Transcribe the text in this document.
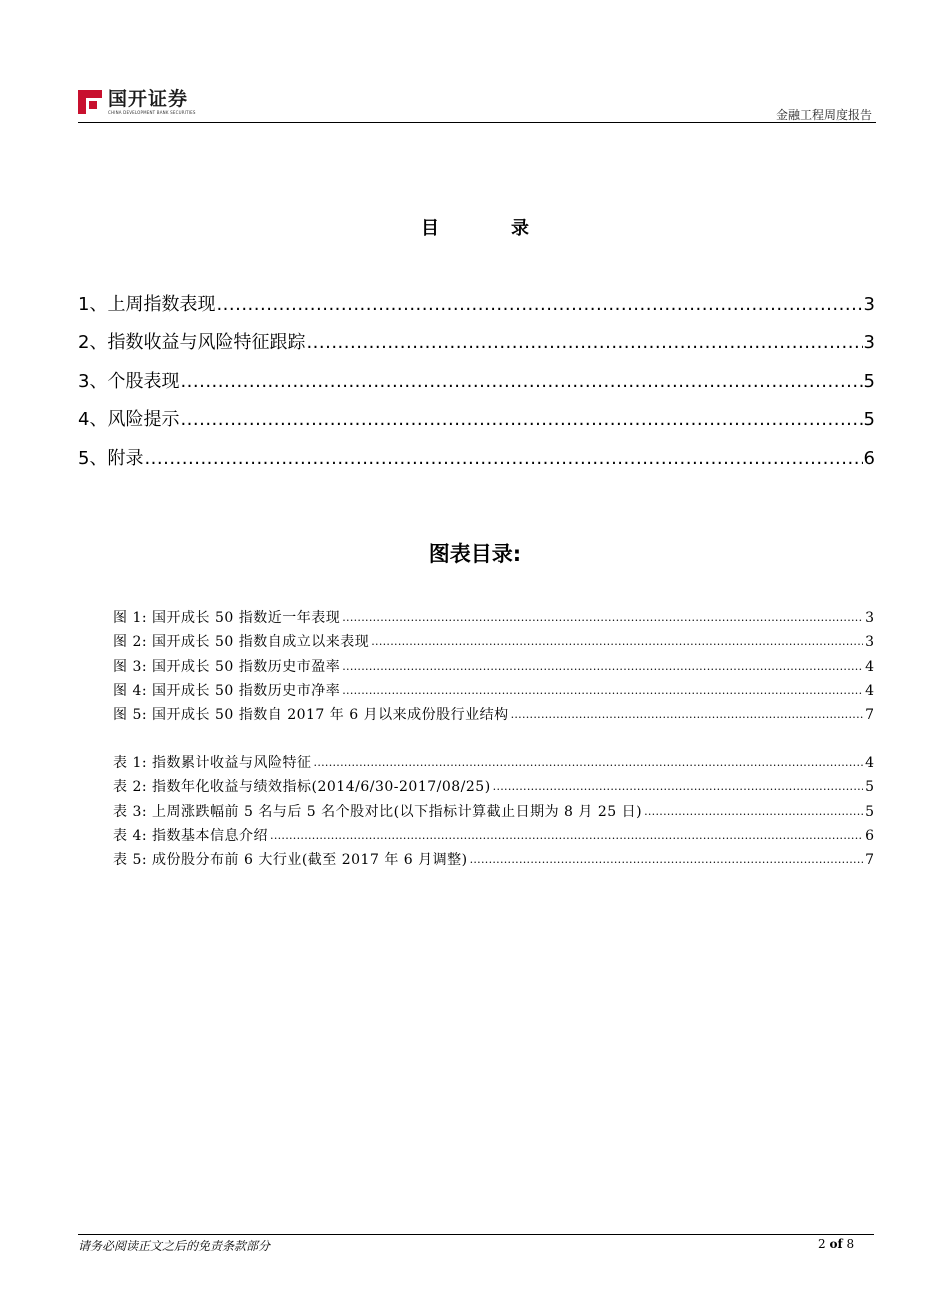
国开证券
CHINA DEVELOPMENT BANK SECURITIES	金融工程周度报告
目	录
1、上周指数表现 .....	3
2、指数收益与风险特征跟踪 .....	3
3、个股表现 .....	5
4、风险提示 .....	5
5、附录 .....	6
图表目录:
图 1: 国开成长 50 指数近一年表现 .....	3
图 2: 国开成长 50 指数自成立以来表现 .....	3
图 3: 国开成长 50 指数历史市盈率 .....	4
图 4: 国开成长 50 指数历史市净率 .....	4
图 5: 国开成长 50 指数自 2017 年 6 月以来成份股行业结构 .....	7
表 1: 指数累计收益与风险特征 .....	4
表 2: 指数年化收益与绩效指标(2014/6/30-2017/08/25) .....	5
表 3: 上周涨跌幅前 5 名与后 5 名个股对比(以下指标计算截止日期为 8 月 25 日) .....	5
表 4: 指数基本信息介绍 .....	6
表 5: 成份股分布前 6 大行业(截至 2017 年 6 月调整) .....	7
请务必阅读正文之后的免责条款部分	2 of 8
